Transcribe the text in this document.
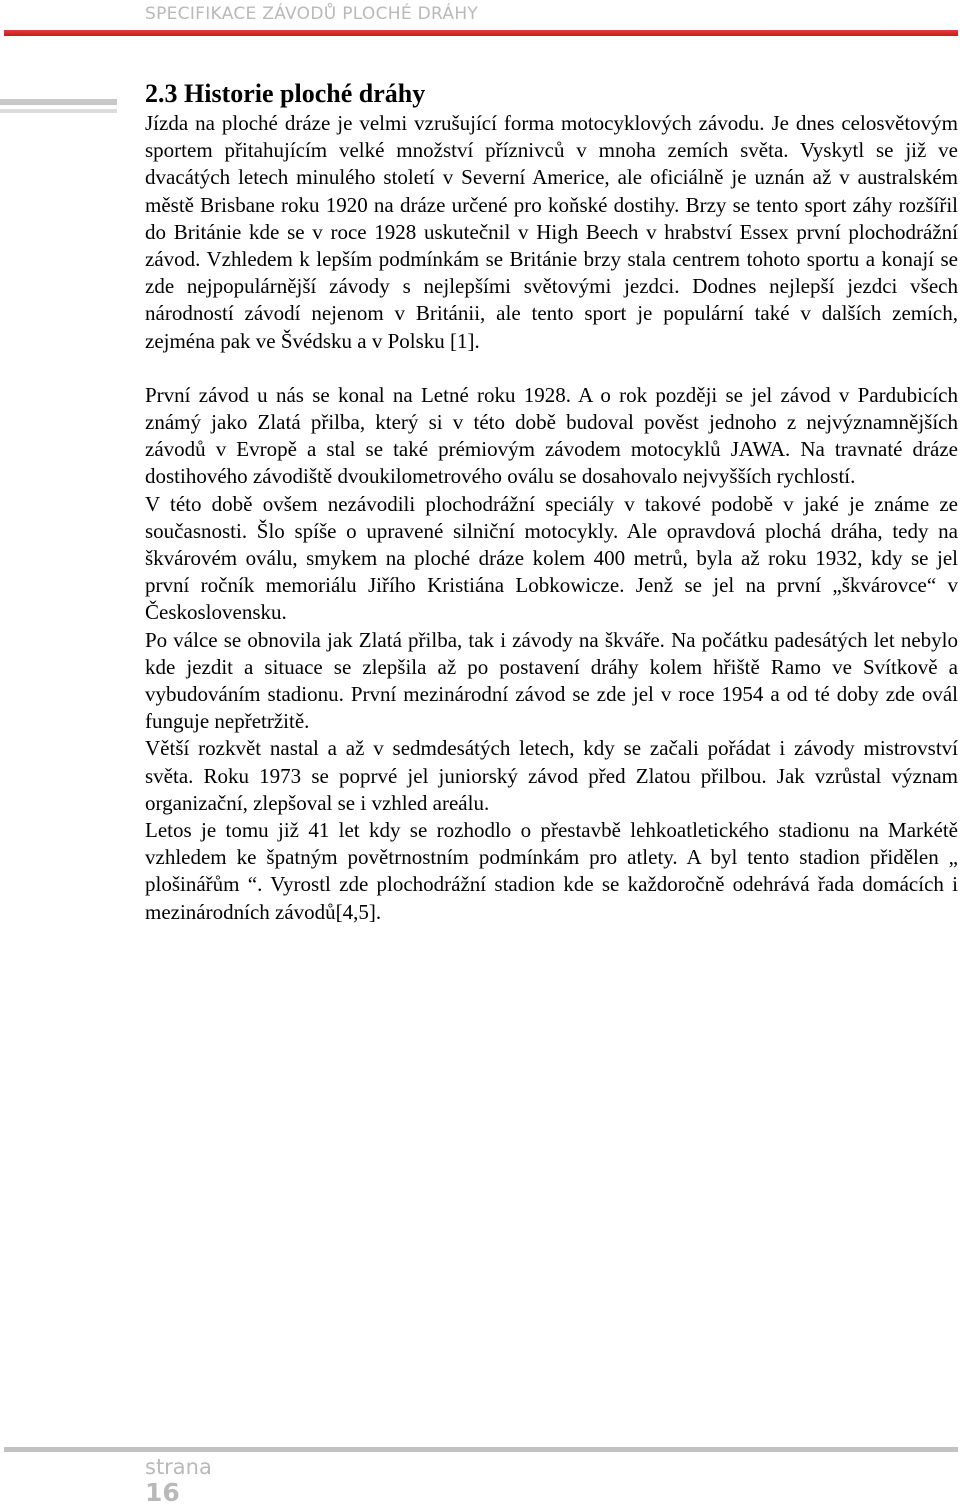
SPECIFIKACE ZÁVODŮ PLOCHÉ DRÁHY
2.3 Historie ploché dráhy

Jízda na ploché dráze je velmi vzrušující forma motocyklových závodu. Je dnes celosvětovým sportem přitahujícím velké množství příznivců v mnoha zemích světa. Vyskytl se již ve dvacátých letech minulého století v Severní Americe, ale oficiálně je uznán až v australském městě Brisbane roku 1920 na dráze určené pro koňské dostihy. Brzy se tento sport záhy rozšířil do Británie kde se v roce 1928 uskutečnil v High Beech v hrabství Essex první plochodrážní závod. Vzhledem k lepším podmínkám se Británie brzy stala centrem tohoto sportu a konají se zde nejpopulárnější závody s nejlepšími světovými jezdci. Dodnes nejlepší jezdci všech národností závodí nejenom v Británii, ale tento sport je populární také v dalších zemích, zejména pak ve Švédsku a v Polsku [1].

První závod u nás se konal na Letné roku 1928. A o rok později se jel závod v Pardubicích známý jako Zlatá přilba, který si v této době budoval pověst jednoho z nejvýznamnějších závodů v Evropě a stal se také prémiovým závodem motocyklů JAWA. Na travnaté dráze dostihového závodiště dvoukilometrového oválu se dosahovalo nejvyšších rychlostí.

V této době ovšem nezávodili plochodrážní speciály v takové podobě v jaké je známe ze současnosti. Šlo spíše o upravené silniční motocykly. Ale opravdová plochá dráha, tedy na škvárovém oválu, smykem na ploché dráze kolem 400 metrů, byla až roku 1932, kdy se jel první ročník memoriálu Jiřího Kristiána Lobkowicze. Jenž se jel na první „škvárovce“ v Československu.

Po válce se obnovila jak Zlatá přilba, tak i závody na škváře. Na počátku padesátých let nebylo kde jezdit a situace se zlepšila až po postavení dráhy kolem hřiště Ramo ve Svítkově a vybudováním stadionu. První mezinárodní závod se zde jel v roce 1954 a od té doby zde ovál funguje nepřetržitě.

Větší rozkvět nastal a až v sedmdesátých letech, kdy se začali pořádat i závody mistrovství světa. Roku 1973 se poprvé jel juniorský závod před Zlatou přilbou. Jak vzrůstal význam organizační, zlepšoval se i vzhled areálu.

Letos je tomu již 41 let kdy se rozhodlo o přestavbě lehkoatletického stadionu na Markétě vzhledem ke špatným povětrnostním podmínkám pro atlety. A byl tento stadion přidělen „ plošinářům “. Vyrostl zde plochodrážní stadion kde se každoročně odehrává řada domácích i mezinárodních závodů[4,5].

strana
16
